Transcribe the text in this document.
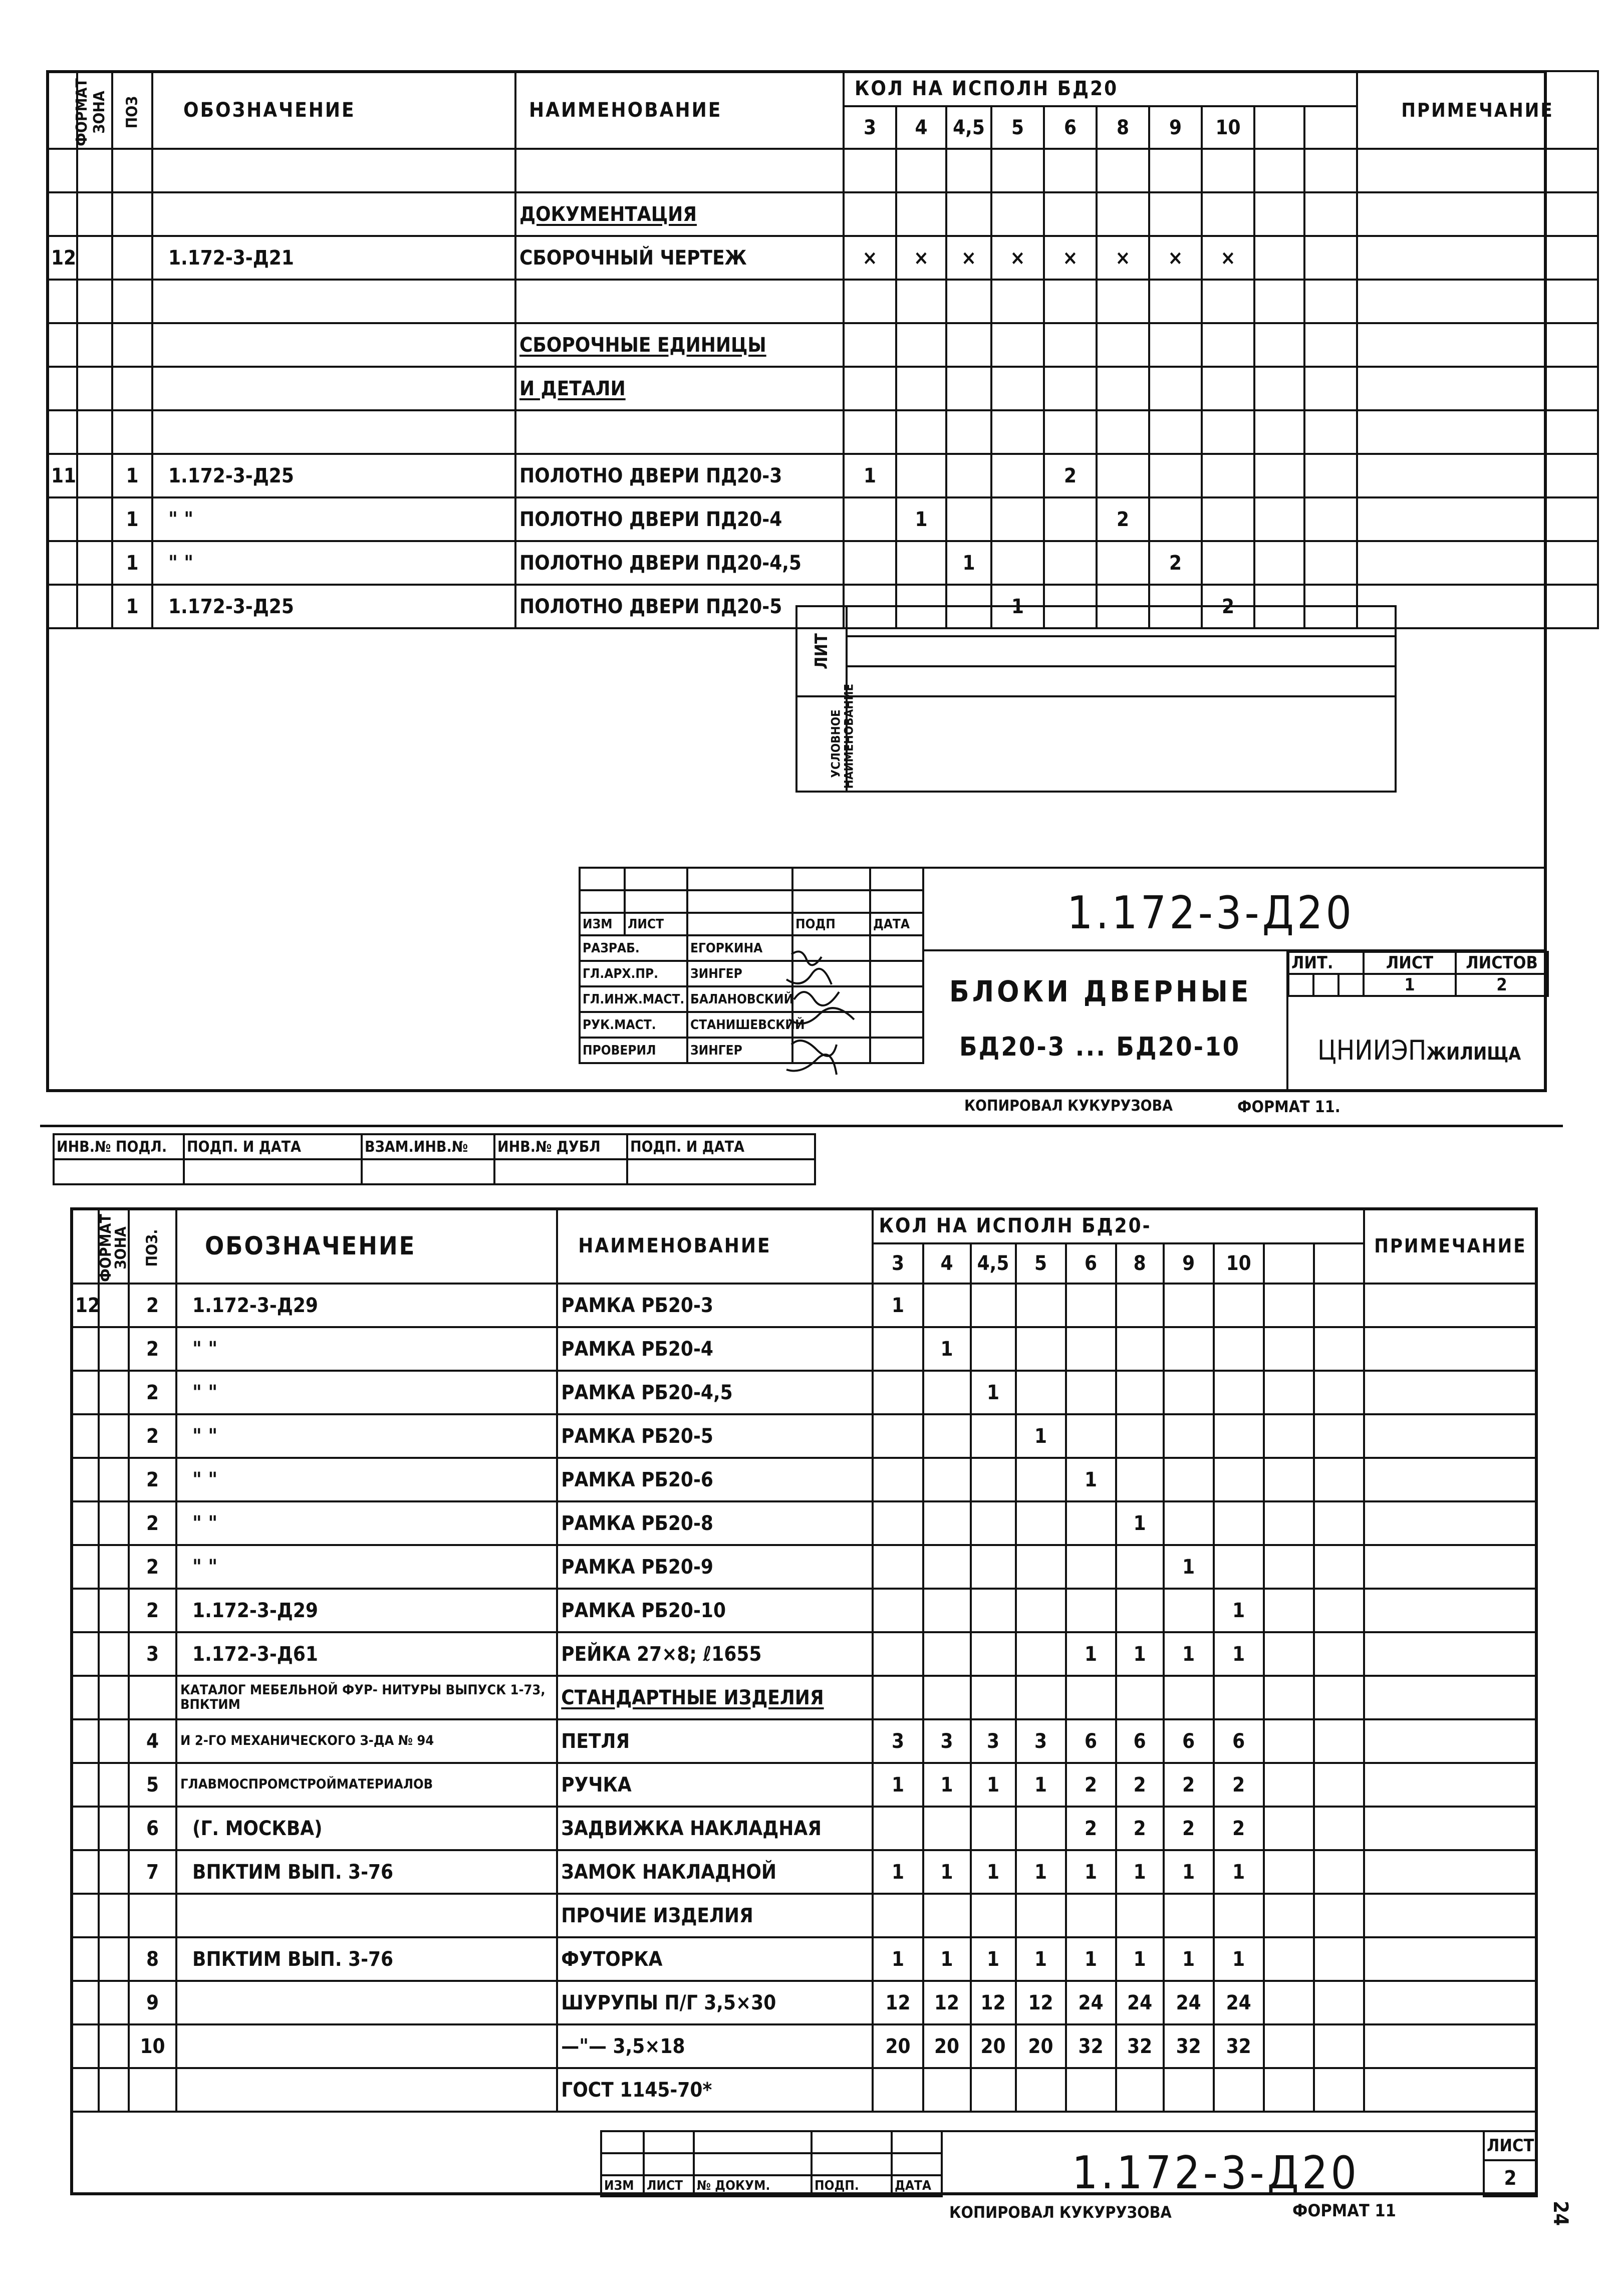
ФОРМАТ	ЗОНА	ПОЗ	ОБОЗНАЧЕНИЕ	НАИМЕНОВАНИЕ	КОЛ НА ИСПОЛН БД20										ПРИМЕЧАНИЕ
					3	4	4,5	5	6	8	9	10			

				ДОКУМЕНТАЦИЯ											
12			1.172-3-Д21	СБОРОЧНЫЙ ЧЕРТЕЖ	×	×	×	×	×	×	×	×			

				СБОРОЧНЫЕ ЕДИНИЦЫ											
				И ДЕТАЛИ											

11		1	1.172-3-Д25	ПОЛОТНО ДВЕРИ ПД20-3	1				2						
		1	" "	ПОЛОТНО ДВЕРИ ПД20-4		1				2					
		1	" "	ПОЛОТНО ДВЕРИ ПД20-4,5			1				2				
		1	1.172-3-Д25	ПОЛОТНО ДВЕРИ ПД20-5				1				2			
ЛИТ	

УСЛОВНОЕ НАИМЕНОВАНИЕ	

ИЗМ	ЛИСТ		ПОДП	ДАТА
РАЗРАБ.		ЕГОРКИНА		
ГЛ.АРХ.ПР.		ЗИНГЕР		
ГЛ.ИНЖ.МАСТ.		БАЛАНОВСКИЙ		
РУК.МАСТ.		СТАНИШЕВСКИЙ		
ПРОВЕРИЛ		ЗИНГЕР		
1.172-3-Д20
БЛОКИ ДВЕРНЫЕ
БД20-3 ... БД20-10
ЛИТ.			ЛИСТ	ЛИСТОВ
			1	2
ЦНИИЭПЖИЛИЩА
КОПИРОВАЛ КУКУРУЗОВА	ФОРМАТ 11.
ИНВ.№ ПОДЛ.	ПОДП. И ДАТА	ВЗАМ.ИНВ.№	ИНВ.№ ДУБЛ	ПОДП. И ДАТА

ФОРМАТ	ЗОНА	ПОЗ.	ОБОЗНАЧЕНИЕ	НАИМЕНОВАНИЕ	КОЛ НА ИСПОЛН БД20-										ПРИМЕЧАНИЕ
					3	4	4,5	5	6	8	9	10			
12		2	1.172-3-Д29	РАМКА РБ20-3	1										
		2	" "	РАМКА РБ20-4		1									
		2	" "	РАМКА РБ20-4,5			1								
		2	" "	РАМКА РБ20-5				1							
		2	" "	РАМКА РБ20-6					1						
		2	" "	РАМКА РБ20-8						1					
		2	" "	РАМКА РБ20-9							1				
		2	1.172-3-Д29	РАМКА РБ20-10								1			
		3	1.172-3-Д61	РЕЙКА 27×8; ℓ1655					1	1	1	1			
			КАТАЛОГ МЕБЕЛЬНОЙ ФУР- НИТУРЫ ВЫПУСК 1-73, ВПКТИМ	СТАНДАРТНЫЕ ИЗДЕЛИЯ											
		4	И 2-ГО МЕХАНИЧЕСКОГО З-ДА № 94	ПЕТЛЯ	3	3	3	3	6	6	6	6			
		5	ГЛАВМОСПРОМСТРОЙМАТЕРИАЛОВ	РУЧКА	1	1	1	1	2	2	2	2			
		6	(Г. МОСКВА)	ЗАДВИЖКА НАКЛАДНАЯ					2	2	2	2			
		7	ВПКТИМ ВЫП. 3-76	ЗАМОК НАКЛАДНОЙ	1	1	1	1	1	1	1	1			
				ПРОЧИЕ ИЗДЕЛИЯ											
		8	ВПКТИМ ВЫП. 3-76	ФУТОРКА	1	1	1	1	1	1	1	1			
		9		ШУРУПЫ П/Г 3,5×30	12	12	12	12	24	24	24	24			
		10		—"— 3,5×18	20	20	20	20	32	32	32	32			
				ГОСТ 1145-70*											

ИЗМ	ЛИСТ	№ ДОКУМ.	ПОДП.	ДАТА	1.172-3-Д20
ЛИСТ
2
КОПИРОВАЛ КУКУРУЗОВА	ФОРМАТ 11	24
